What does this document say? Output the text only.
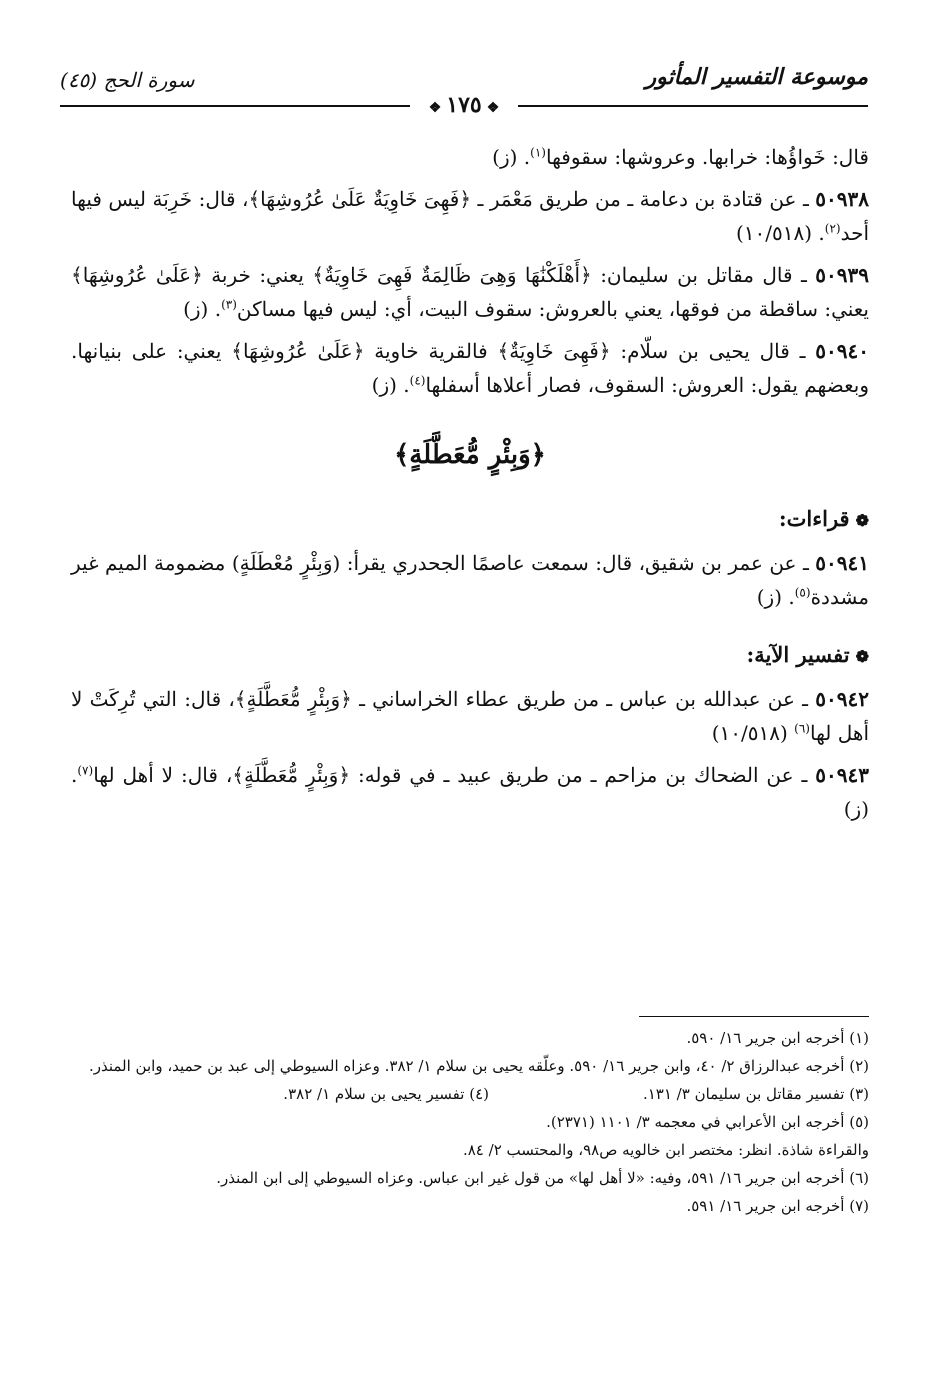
موسوعة التفسير المأثور
سورة الحج (٤٥)
❖١٧٥❖

قال: خَواؤُها: خرابها. وعروشها: سقوفها$^{(١)}$. (ز)

٥٠٩٣٨ ـ عن قتادة بن دعامة ـ من طريق مَعْمَر ـ ﴿فَهِىَ خَاوِيَةٌ عَلَىٰ عُرُوشِهَا﴾، قال: خَرِبَة ليس فيها أحد$^{(٢)}$. (١٠/٥١٨)

٥٠٩٣٩ ـ قال مقاتل بن سليمان: ﴿أَهْلَكْنَٰهَا وَهِىَ ظَالِمَةٌ فَهِىَ خَاوِيَةٌ﴾ يعني: خربة ﴿عَلَىٰ عُرُوشِهَا﴾ يعني: ساقطة من فوقها، يعني بالعروش: سقوف البيت، أي: ليس فيها مساكن$^{(٣)}$. (ز)

٥٠٩٤٠ ـ قال يحيى بن سلّام: ﴿فَهِىَ خَاوِيَةٌ﴾ فالقرية خاوية ﴿عَلَىٰ عُرُوشِهَا﴾ يعني: على بنيانها. وبعضهم يقول: العروش: السقوف، فصار أعلاها أسفلها$^{(٤)}$. (ز)

﴿وَبِئْرٍ مُّعَطَّلَةٍ﴾
❁قراءات:

٥٠٩٤١ ـ عن عمر بن شقيق، قال: سمعت عاصمًا الجحدري يقرأ: (وَبِئْرٍ مُعْطَلَةٍ) مضمومة الميم غير مشددة$^{(٥)}$. (ز)

❁تفسير الآية:

٥٠٩٤٢ ـ عن عبدالله بن عباس ـ من طريق عطاء الخراساني ـ ﴿وَبِئْرٍ مُّعَطَّلَةٍ﴾، قال: التي تُرِكَتْ لا أهل لها$^{(٦)}$ (١٠/٥١٨)

٥٠٩٤٣ ـ عن الضحاك بن مزاحم ـ من طريق عبيد ـ في قوله: ﴿وَبِئْرٍ مُّعَطَّلَةٍ﴾، قال: لا أهل لها$^{(٧)}$. (ز)

(١) أخرجه ابن جرير ١٦/ ٥٩٠.

(٢) أخرجه عبدالرزاق ٢/ ٤٠، وابن جرير ١٦/ ٥٩٠. وعلّقه يحيى بن سلام ١/ ٣٨٢. وعزاه السيوطي إلى عبد بن حميد، وابن المنذر.

(٣) تفسير مقاتل بن سليمان ٣/ ١٣١.
(٤) تفسير يحيى بن سلام ١/ ٣٨٢.

(٥) أخرجه ابن الأعرابي في معجمه ٣/ ١١٠١ (٢٣٧١).

والقراءة شاذة. انظر: مختصر ابن خالويه ص٩٨، والمحتسب ٢/ ٨٤.

(٦) أخرجه ابن جرير ١٦/ ٥٩١، وفيه: «لا أهل لها» من قول غير ابن عباس. وعزاه السيوطي إلى ابن المنذر.

(٧) أخرجه ابن جرير ١٦/ ٥٩١.
